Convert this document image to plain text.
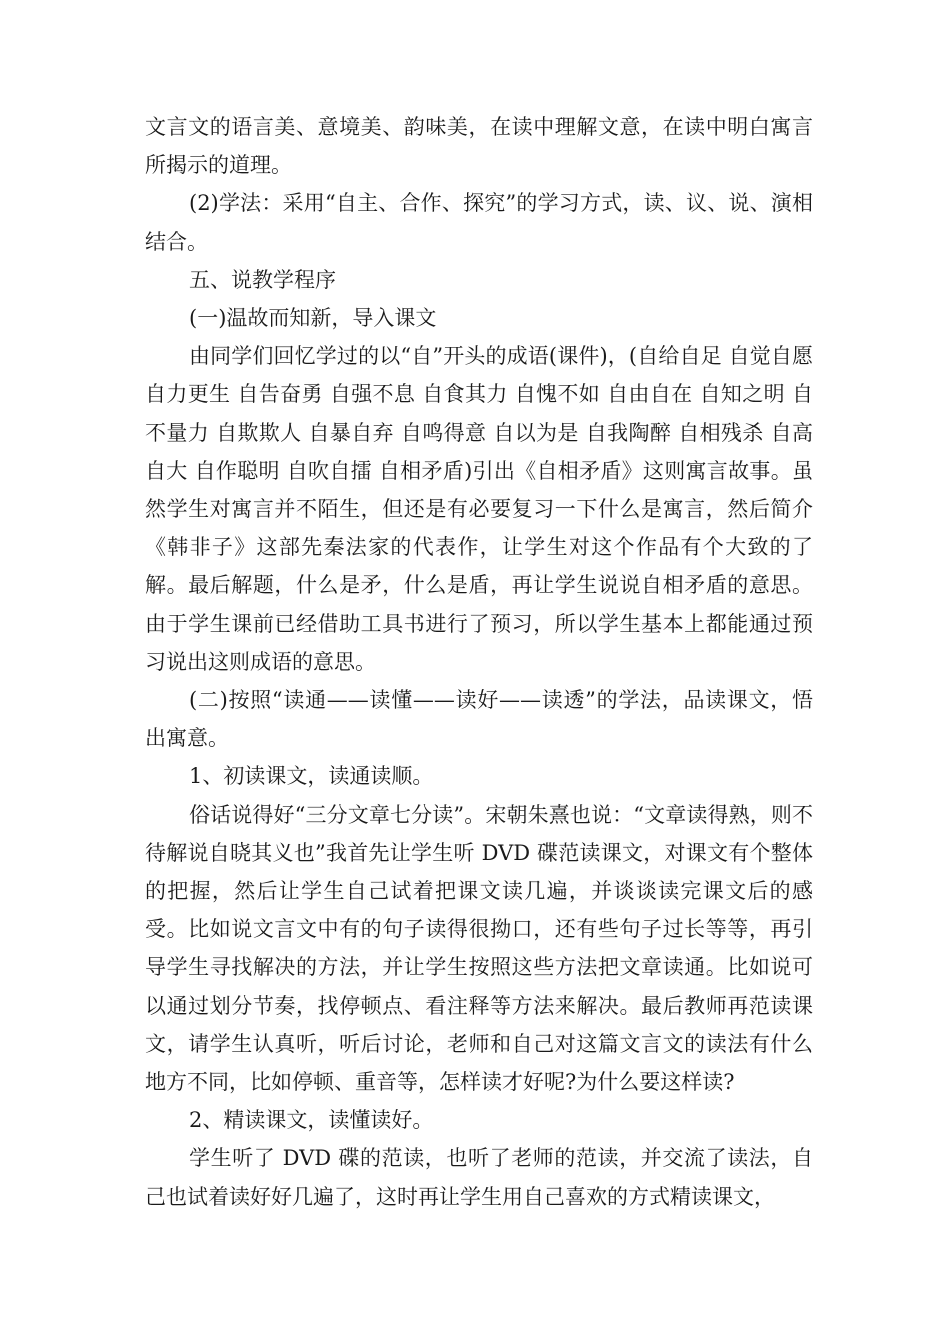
文言文的语言美、意境美、韵味美，在读中理解文意，在读中明白寓言所揭示的道理。

(2)学法：采用“自主、合作、探究”的学习方式，读、议、说、演相结合。

五、说教学程序

(一)温故而知新，导入课文

由同学们回忆学过的以“自”开头的成语(课件)，(自给自足 自觉自愿 自力更生 自告奋勇 自强不息 自食其力 自愧不如 自由自在 自知之明 自不量力 自欺欺人 自暴自弃 自鸣得意 自以为是 自我陶醉 自相残杀 自高自大 自作聪明 自吹自擂 自相矛盾)引出《自相矛盾》这则寓言故事。虽然学生对寓言并不陌生，但还是有必要复习一下什么是寓言，然后简介《韩非子》这部先秦法家的代表作，让学生对这个作品有个大致的了解。最后解题，什么是矛，什么是盾，再让学生说说自相矛盾的意思。由于学生课前已经借助工具书进行了预习，所以学生基本上都能通过预习说出这则成语的意思。

(二)按照“读通——读懂——读好——读透”的学法，品读课文，悟出寓意。

1、初读课文，读通读顺。

俗话说得好“三分文章七分读”。宋朝朱熹也说：“文章读得熟，则不待解说自晓其义也”我首先让学生听 DVD 碟范读课文，对课文有个整体的把握，然后让学生自己试着把课文读几遍，并谈谈读完课文后的感受。比如说文言文中有的句子读得很拗口，还有些句子过长等等，再引导学生寻找解决的方法，并让学生按照这些方法把文章读通。比如说可以通过划分节奏，找停顿点、看注释等方法来解决。最后教师再范读课文，请学生认真听，听后讨论，老师和自己对这篇文言文的读法有什么地方不同，比如停顿、重音等，怎样读才好呢?为什么要这样读?

2、精读课文，读懂读好。

学生听了 DVD 碟的范读，也听了老师的范读，并交流了读法，自己也试着读好好几遍了，这时再让学生用自己喜欢的方式精读课文，
